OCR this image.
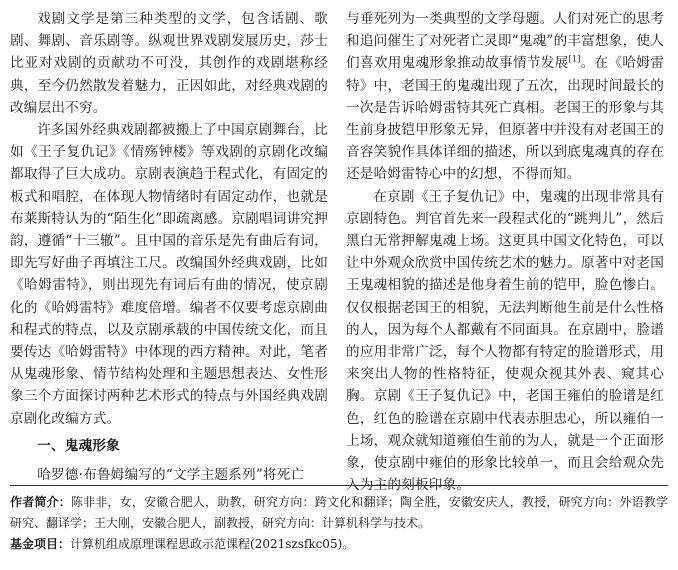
戏剧文学是第三种类型的文学，包含话剧、歌剧、舞剧、音乐剧等。纵观世界戏剧发展历史，莎士比亚对戏剧的贡献功不可没，其创作的戏剧堪称经典，至今仍然散发着魅力，正因如此，对经典戏剧的改编层出不穷。

许多国外经典戏剧都被搬上了中国京剧舞台，比如《王子复仇记》《情殇钟楼》等戏剧的京剧化改编都取得了巨大成功。京剧表演趋于程式化，有固定的板式和唱腔，在体现人物情绪时有固定动作，也就是布莱斯特认为的“陌生化”即疏离感。京剧唱词讲究押韵，遵循“十三辙”。且中国的音乐是先有曲后有词，即先写好曲子再填注工尺。改编国外经典戏剧，比如《哈姆雷特》，则出现先有词后有曲的情况，使京剧化的《哈姆雷特》难度倍增。编者不仅要考虑京剧曲和程式的特点，以及京剧承载的中国传统文化，而且要传达《哈姆雷特》中体现的西方精神。对此，笔者从鬼魂形象、情节结构处理和主题思想表达、女性形象三个方面探讨两种艺术形式的特点与外国经典戏剧京剧化改编方式。

一、鬼魂形象

哈罗德·布鲁姆编写的“文学主题系列”将死亡

与垂死列为一类典型的文学母题。人们对死亡的思考和追问催生了对死者亡灵即“鬼魂”的丰富想象，使人们喜欢用鬼魂形象推动故事情节发展[1]。在《哈姆雷特》中，老国王的鬼魂出现了五次，出现时间最长的一次是告诉哈姆雷特其死亡真相。老国王的形象与其生前身披铠甲形象无异，但原著中并没有对老国王的音容笑貌作具体详细的描述，所以到底鬼魂真的存在还是哈姆雷特心中的幻想，不得而知。

在京剧《王子复仇记》中，鬼魂的出现非常具有京剧特色。判官首先来一段程式化的“跳判儿”，然后黑白无常押解鬼魂上场。这更具中国文化特色，可以让中外观众欣赏中国传统艺术的魅力。原著中对老国王鬼魂相貌的描述是他身着生前的铠甲，脸色惨白。仅仅根据老国王的相貌，无法判断他生前是什么性格的人，因为每个人都戴有不同面具。在京剧中，脸谱的应用非常广泛，每个人物都有特定的脸谱形式，用来突出人物的性格特征，使观众视其外表、窥其心胸。京剧《王子复仇记》中，老国王雍伯的脸谱是红色，红色的脸谱在京剧中代表赤胆忠心，所以雍伯一上场，观众就知道雍伯生前的为人，就是一个正面形象，使京剧中雍伯的形象比较单一，而且会给观众先入为主的刻板印象。

作者简介：陈非非，女，安徽合肥人，助教，研究方向：跨文化和翻译；陶全胜，安徽安庆人，教授，研究方向：外语教学研究、翻译学；王大刚，安徽合肥人，副教授，研究方向：计算机科学与技术。

基金项目：计算机组成原理课程思政示范课程(2021szsfkc05)。
